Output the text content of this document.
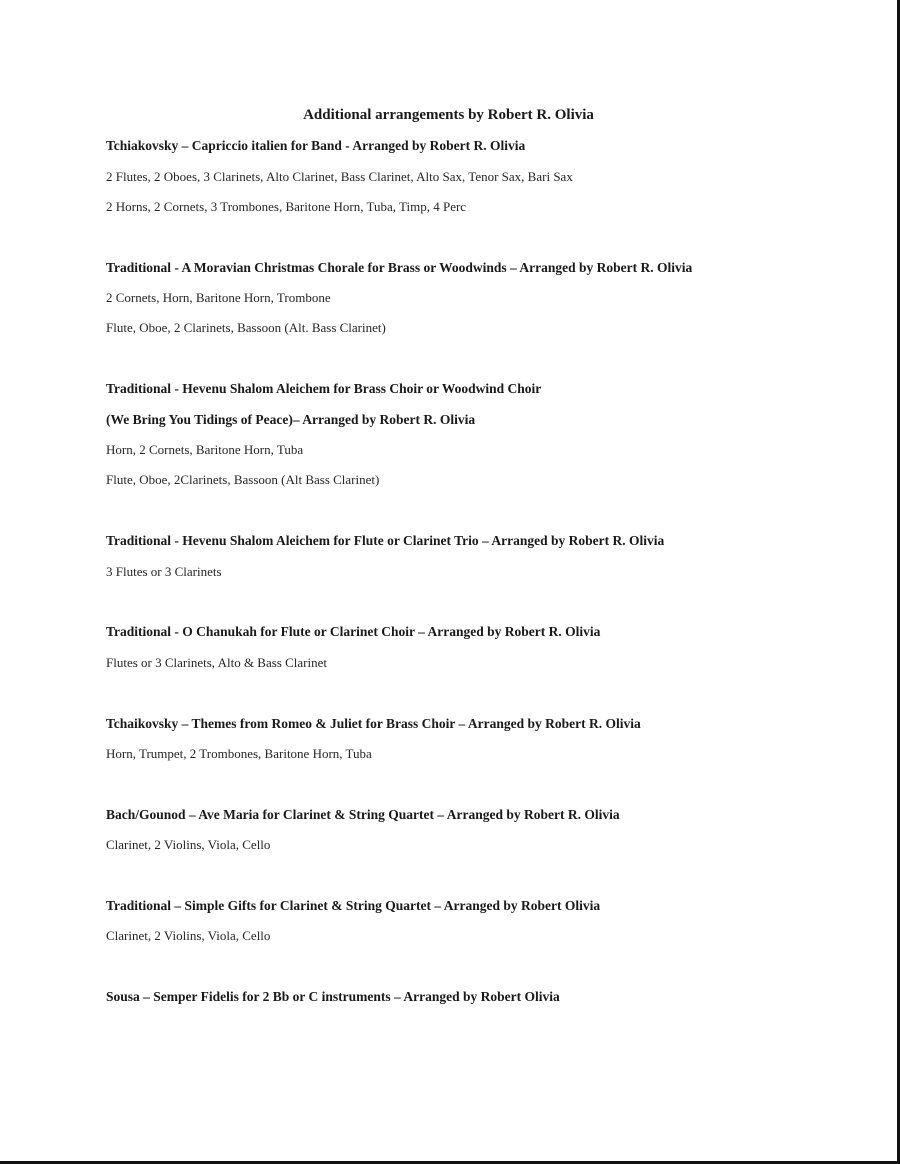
Additional arrangements by Robert R. Olivia
Tchiakovsky – Capriccio italien for Band - Arranged by Robert R. Olivia
2 Flutes, 2 Oboes, 3 Clarinets, Alto Clarinet, Bass Clarinet, Alto Sax, Tenor Sax, Bari Sax
2 Horns, 2 Cornets, 3 Trombones, Baritone Horn, Tuba, Timp, 4 Perc
Traditional - A Moravian Christmas Chorale for Brass or Woodwinds – Arranged by Robert R. Olivia
2 Cornets, Horn, Baritone Horn, Trombone
Flute, Oboe, 2 Clarinets, Bassoon (Alt. Bass Clarinet)
Traditional - Hevenu Shalom Aleichem for Brass Choir or Woodwind Choir
(We Bring You Tidings of Peace)– Arranged by Robert R. Olivia
Horn, 2 Cornets, Baritone Horn, Tuba
Flute, Oboe, 2Clarinets, Bassoon (Alt Bass Clarinet)
Traditional - Hevenu Shalom Aleichem for Flute or Clarinet Trio – Arranged by Robert R. Olivia
3 Flutes or 3 Clarinets
Traditional - O Chanukah for Flute or Clarinet Choir – Arranged by Robert R. Olivia
Flutes or 3 Clarinets, Alto & Bass Clarinet
Tchaikovsky – Themes from Romeo & Juliet for Brass Choir – Arranged by Robert R. Olivia
Horn, Trumpet, 2 Trombones, Baritone Horn, Tuba
Bach/Gounod – Ave Maria for Clarinet & String Quartet – Arranged by Robert R. Olivia
Clarinet, 2 Violins, Viola, Cello
Traditional – Simple Gifts for Clarinet & String Quartet – Arranged by Robert Olivia
Clarinet, 2 Violins, Viola, Cello
Sousa – Semper Fidelis for 2 Bb or C instruments – Arranged by Robert Olivia
